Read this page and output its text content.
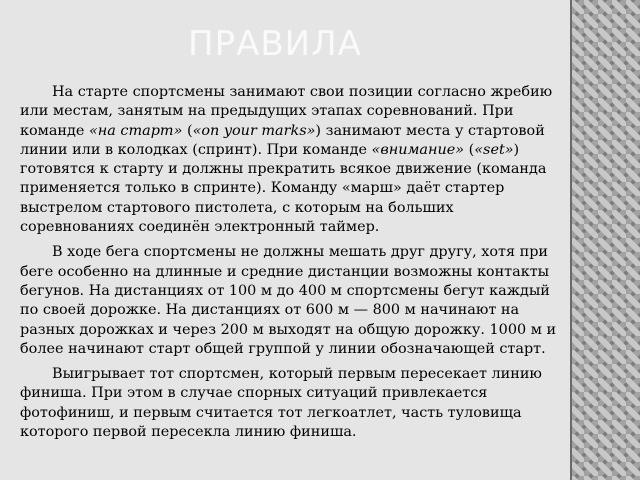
ПРАВИЛА

На старте спортсмены занимают свои позиции согласно жребию или местам, занятым на предыдущих этапах соревнований. При команде «на старт» («on your marks») занимают места у стартовой линии или в колодках (спринт). При команде «внимание» («set») готовятся к старту и должны прекратить всякое движение (команда применяется только в спринте). Команду «марш» даёт стартер выстрелом стартового пистолета, с которым на больших соревнованиях соединён электронный таймер.

В ходе бега спортсмены не должны мешать друг другу, хотя при беге особенно на длинные и средние дистанции возможны контакты бегунов. На дистанциях от 100 м до 400 м спортсмены бегут каждый по своей дорожке. На дистанциях от 600 м — 800 м начинают на разных дорожках и через 200 м выходят на общую дорожку. 1000 м и более начинают старт общей группой у линии обозначающей старт.

Выигрывает тот спортсмен, который первым пересекает линию финиша. При этом в случае спорных ситуаций привлекается фотофиниш, и первым считается тот легкоатлет, часть туловища которого первой пересекла линию финиша.
